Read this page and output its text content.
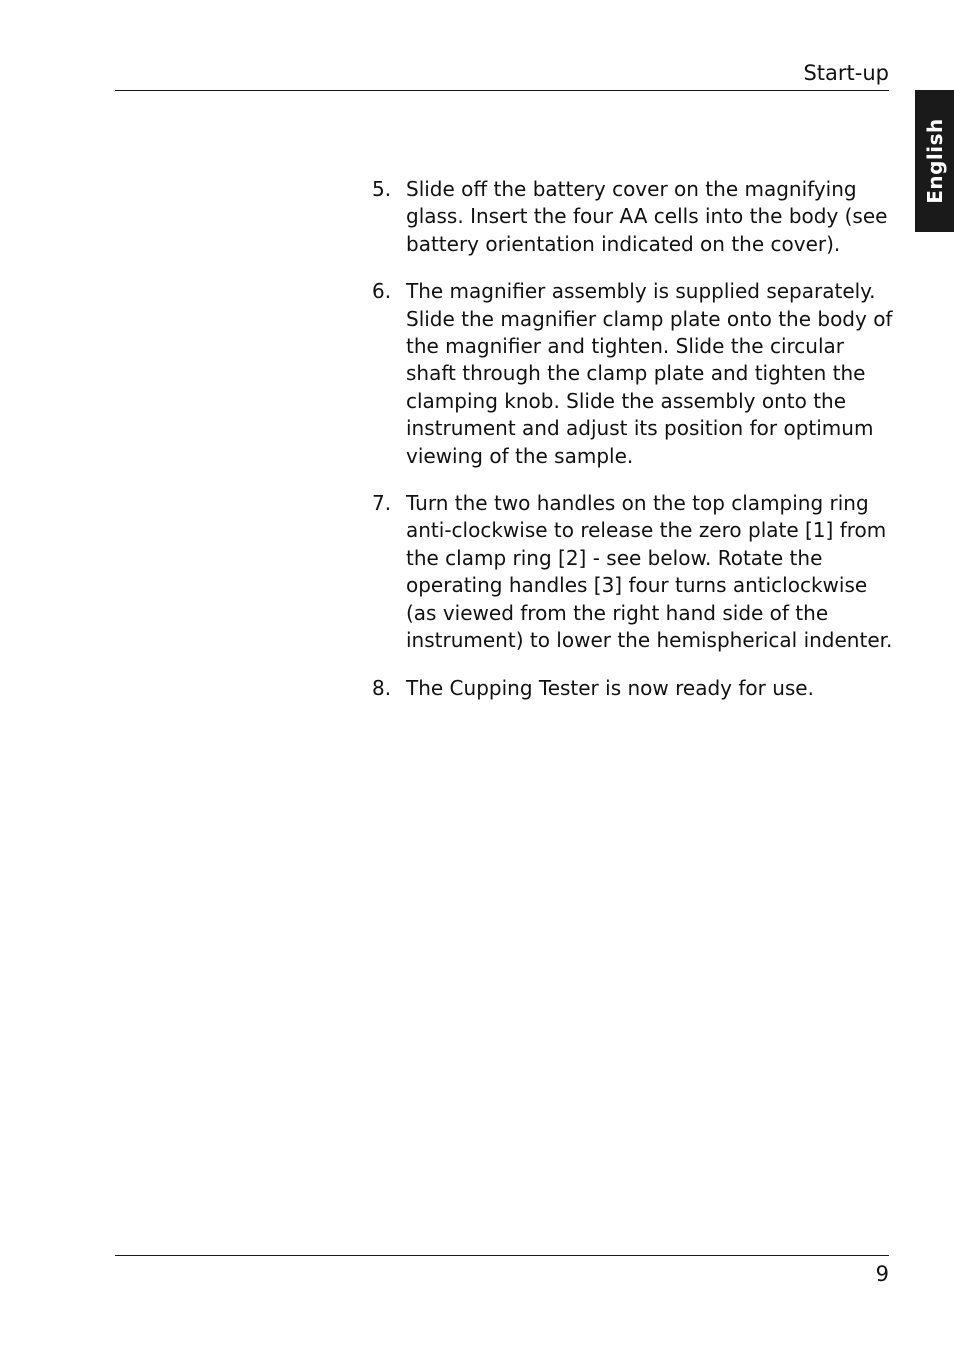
Start-up
English
5. Slide off the battery cover on the magnifying glass. Insert the four AA cells into the body (see battery orientation indicated on the cover).
6. The magnifier assembly is supplied separately. Slide the magnifier clamp plate onto the body of the magnifier and tighten. Slide the circular shaft through the clamp plate and tighten the clamping knob. Slide the assembly onto the instrument and adjust its position for optimum viewing of the sample.
7. Turn the two handles on the top clamping ring anti-clockwise to release the zero plate [1] from the clamp ring [2] - see below. Rotate the operating handles [3] four turns anticlockwise (as viewed from the right hand side of the instrument) to lower the hemispherical indenter.
8. The Cupping Tester is now ready for use.
9
